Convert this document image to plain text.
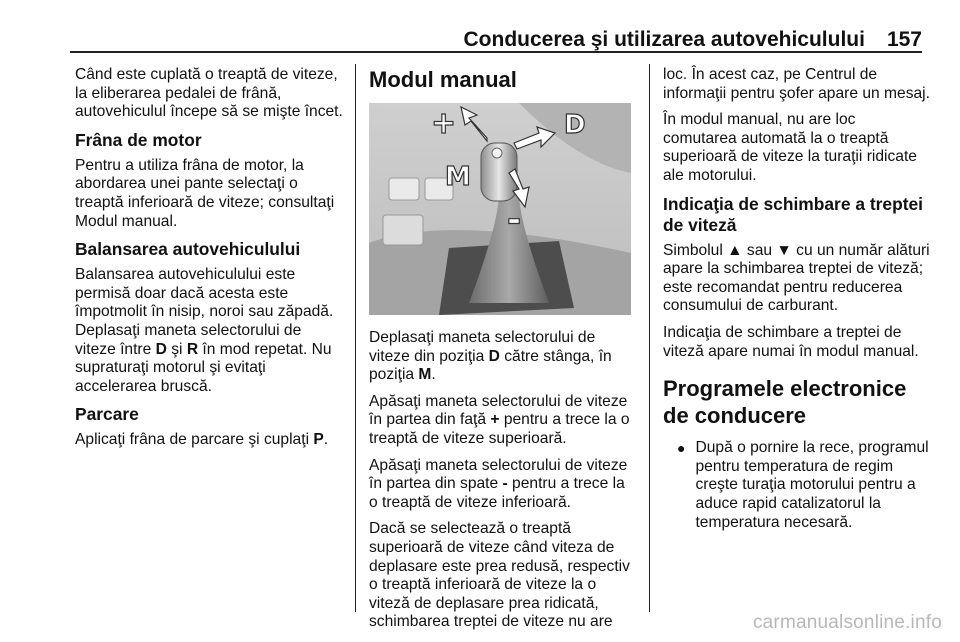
Conducerea şi utilizarea autovehiculului 157

Când este cuplată o treaptă de viteze, la eliberarea pedalei de frână, autovehiculul începe să se mişte încet.

Frâna de motor

Pentru a utiliza frâna de motor, la abordarea unei pante selectaţi o treaptă inferioară de viteze; consultaţi Modul manual.

Balansarea autovehiculului

Balansarea autovehiculului este permisă doar dacă acesta este împotmolit în nisip, noroi sau zăpadă. Deplasaţi maneta selectorului de viteze între D şi R în mod repetat. Nu supraturaţi motorul şi evitaţi accelerarea bruscă.

Parcare

Aplicaţi frâna de parcare şi cuplaţi P.

Modul manual
+	D
M
-

Deplasaţi maneta selectorului de viteze din poziţia D către stânga, în poziţia M.

Apăsaţi maneta selectorului de viteze în partea din faţă + pentru a trece la o treaptă de viteze superioară.

Apăsaţi maneta selectorului de viteze în partea din spate - pentru a trece la o treaptă de viteze inferioară.

Dacă se selectează o treaptă superioară de viteze când viteza de deplasare este prea redusă, respectiv o treaptă inferioară de viteze la o viteză de deplasare prea ridicată, schimbarea treptei de viteze nu are

loc. În acest caz, pe Centrul de informaţii pentru şofer apare un mesaj.

În modul manual, nu are loc comutarea automată la o treaptă superioară de viteze la turaţii ridicate ale motorului.

Indicaţia de schimbare a treptei de viteză

Simbolul ▲ sau ▼ cu un număr alături apare la schimbarea treptei de viteză; este recomandat pentru reducerea consumului de carburant.

Indicaţia de schimbare a treptei de viteză apare numai în modul manual.

Programele electronice de conducere
● După o pornire la rece, programul pentru temperatura de regim creşte turaţia motorului pentru a aduce rapid catalizatorul la temperatura necesară.
carmanualsonline.info
